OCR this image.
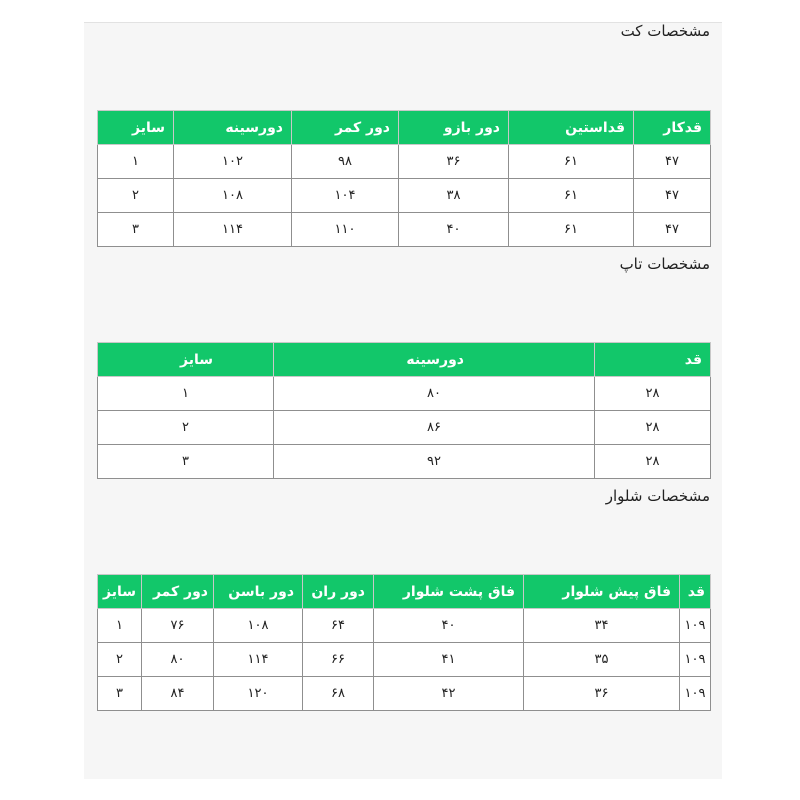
مشخصات کت
قدکار	قداستین	دور بازو	دور کمر	دورسینه	سایز
۴۷	۶۱	۳۶	۹۸	۱۰۲	۱
۴۷	۶۱	۳۸	۱۰۴	۱۰۸	۲
۴۷	۶۱	۴۰	۱۱۰	۱۱۴	۳
مشخصات تاپ
قد	دورسینه	سایز
۲۸	۸۰	۱
۲۸	۸۶	۲
۲۸	۹۲	۳
مشخصات شلوار
قد	فاق پیش شلوار	فاق پشت شلوار	دور ران	دور باسن	دور کمر	سایز
۱۰۹	۳۴	۴۰	۶۴	۱۰۸	۷۶	۱
۱۰۹	۳۵	۴۱	۶۶	۱۱۴	۸۰	۲
۱۰۹	۳۶	۴۲	۶۸	۱۲۰	۸۴	۳
